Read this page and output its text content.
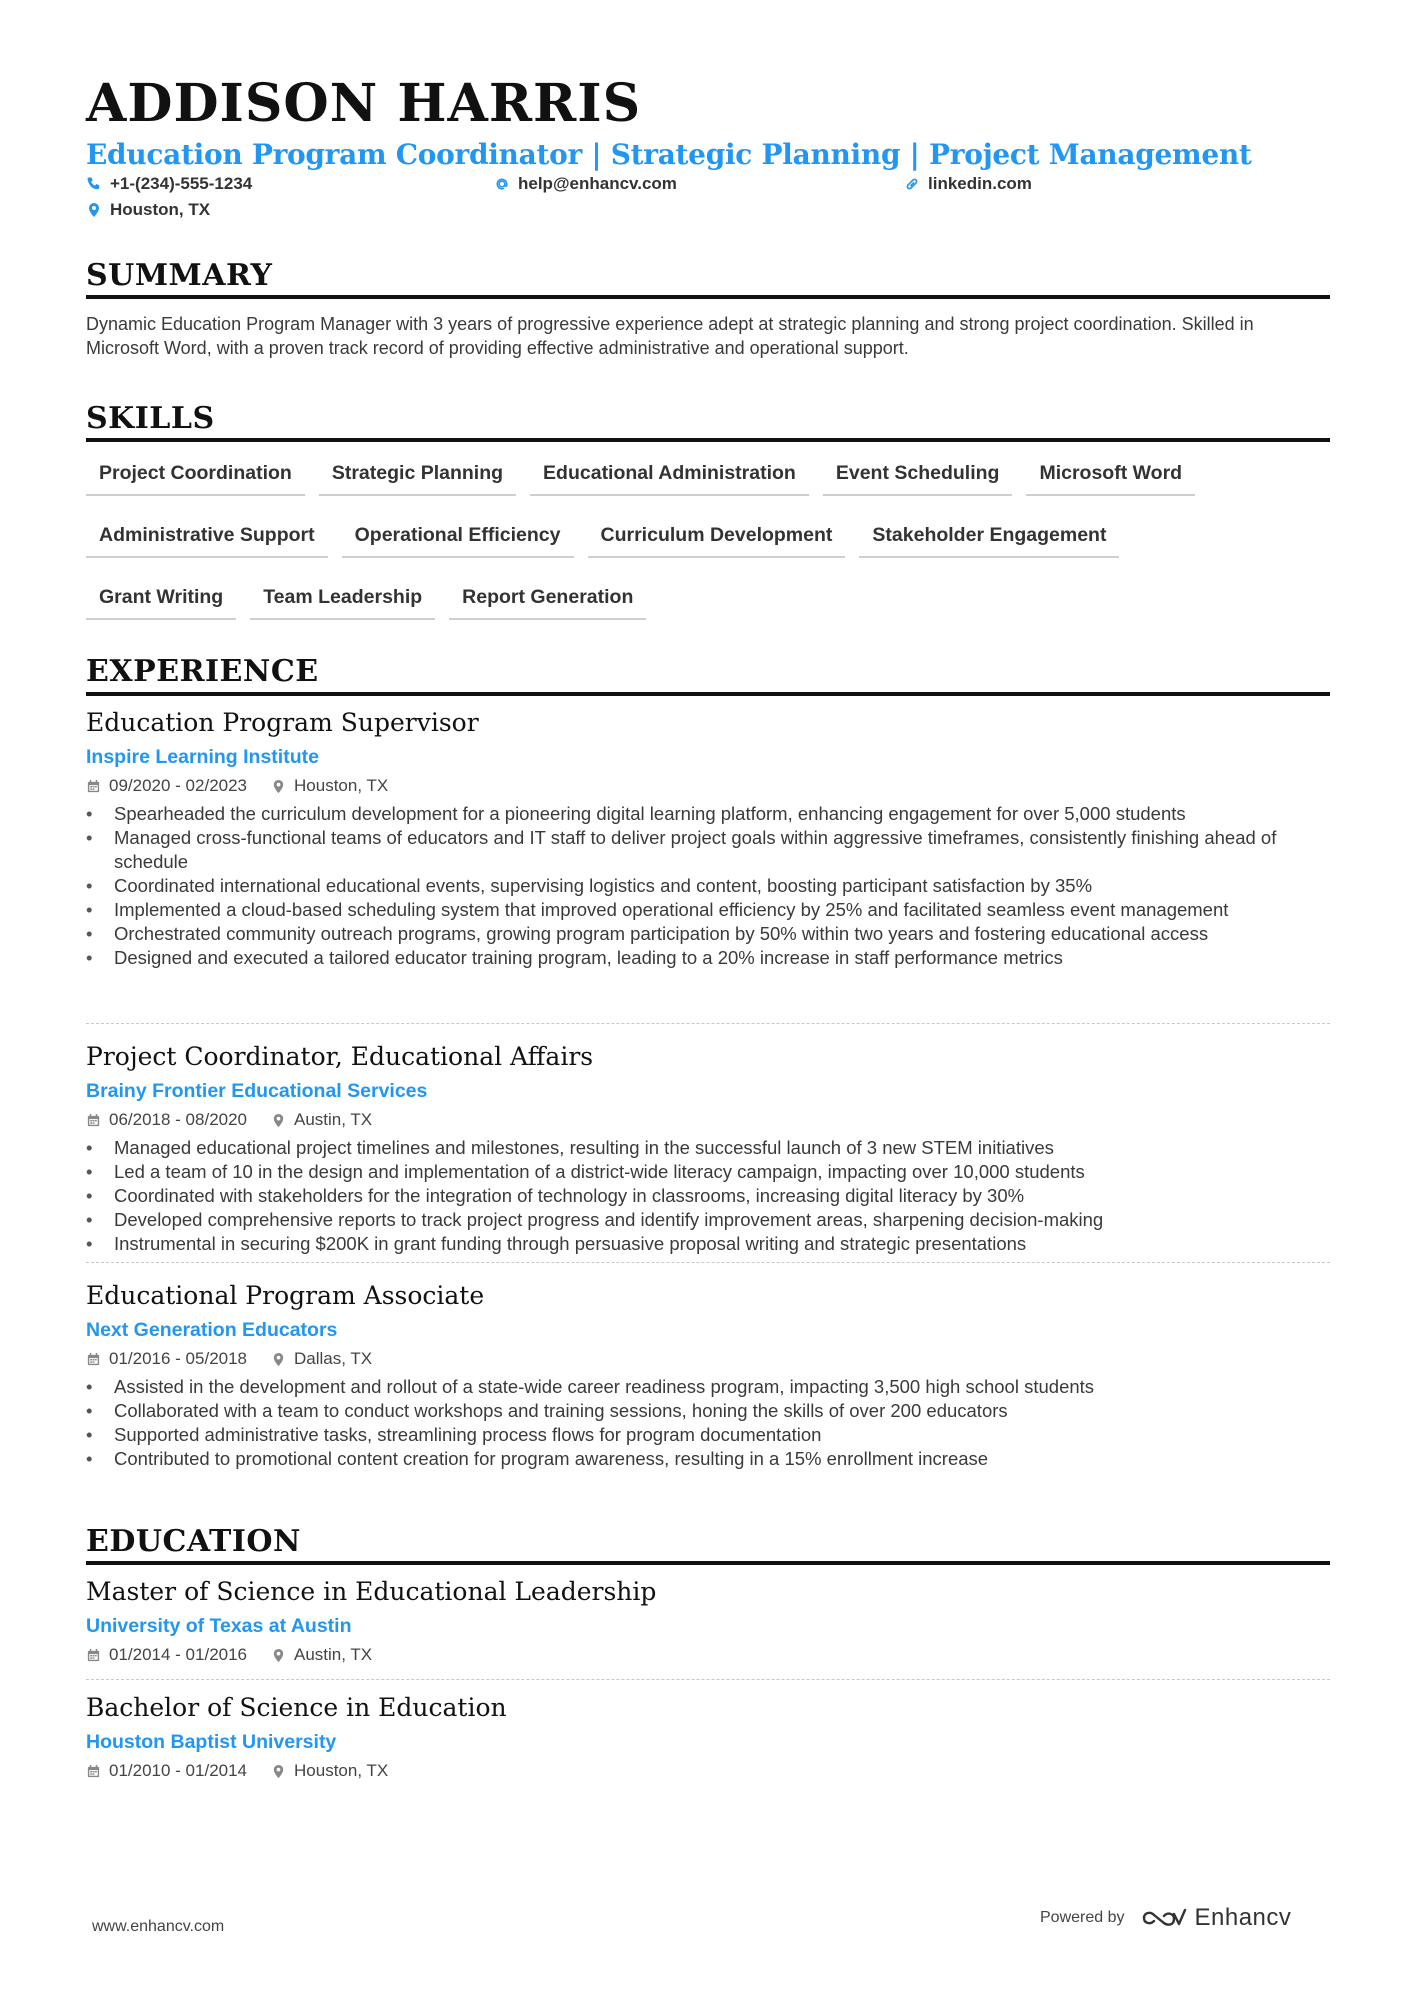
ADDISON HARRIS
Education Program Coordinator | Strategic Planning | Project Management
+1-(234)-555-1234	help@enhancv.com	linkedin.com
Houston, TX
SUMMARY
Dynamic Education Program Manager with 3 years of progressive experience adept at strategic planning and strong project coordination. Skilled in Microsoft Word, with a proven track record of providing effective administrative and operational support.
SKILLS
Project Coordination	Strategic Planning	Educational Administration	Event Scheduling	Microsoft Word
Administrative Support	Operational Efficiency	Curriculum Development	Stakeholder Engagement
Grant Writing	Team Leadership	Report Generation
EXPERIENCE
Education Program Supervisor
Inspire Learning Institute
09/2020 - 02/2023	Houston, TX
• Spearheaded the curriculum development for a pioneering digital learning platform, enhancing engagement for over 5,000 students
• Managed cross-functional teams of educators and IT staff to deliver project goals within aggressive timeframes, consistently finishing ahead of schedule
• Coordinated international educational events, supervising logistics and content, boosting participant satisfaction by 35%
• Implemented a cloud-based scheduling system that improved operational efficiency by 25% and facilitated seamless event management
• Orchestrated community outreach programs, growing program participation by 50% within two years and fostering educational access
• Designed and executed a tailored educator training program, leading to a 20% increase in staff performance metrics
Project Coordinator, Educational Affairs
Brainy Frontier Educational Services
06/2018 - 08/2020	Austin, TX
• Managed educational project timelines and milestones, resulting in the successful launch of 3 new STEM initiatives
• Led a team of 10 in the design and implementation of a district-wide literacy campaign, impacting over 10,000 students
• Coordinated with stakeholders for the integration of technology in classrooms, increasing digital literacy by 30%
• Developed comprehensive reports to track project progress and identify improvement areas, sharpening decision-making
• Instrumental in securing $200K in grant funding through persuasive proposal writing and strategic presentations
Educational Program Associate
Next Generation Educators
01/2016 - 05/2018	Dallas, TX
• Assisted in the development and rollout of a state-wide career readiness program, impacting 3,500 high school students
• Collaborated with a team to conduct workshops and training sessions, honing the skills of over 200 educators
• Supported administrative tasks, streamlining process flows for program documentation
• Contributed to promotional content creation for program awareness, resulting in a 15% enrollment increase
EDUCATION
Master of Science in Educational Leadership
University of Texas at Austin
01/2014 - 01/2016	Austin, TX
Bachelor of Science in Education
Houston Baptist University
01/2010 - 01/2014	Houston, TX
www.enhancv.com
Powered by	Enhancv
